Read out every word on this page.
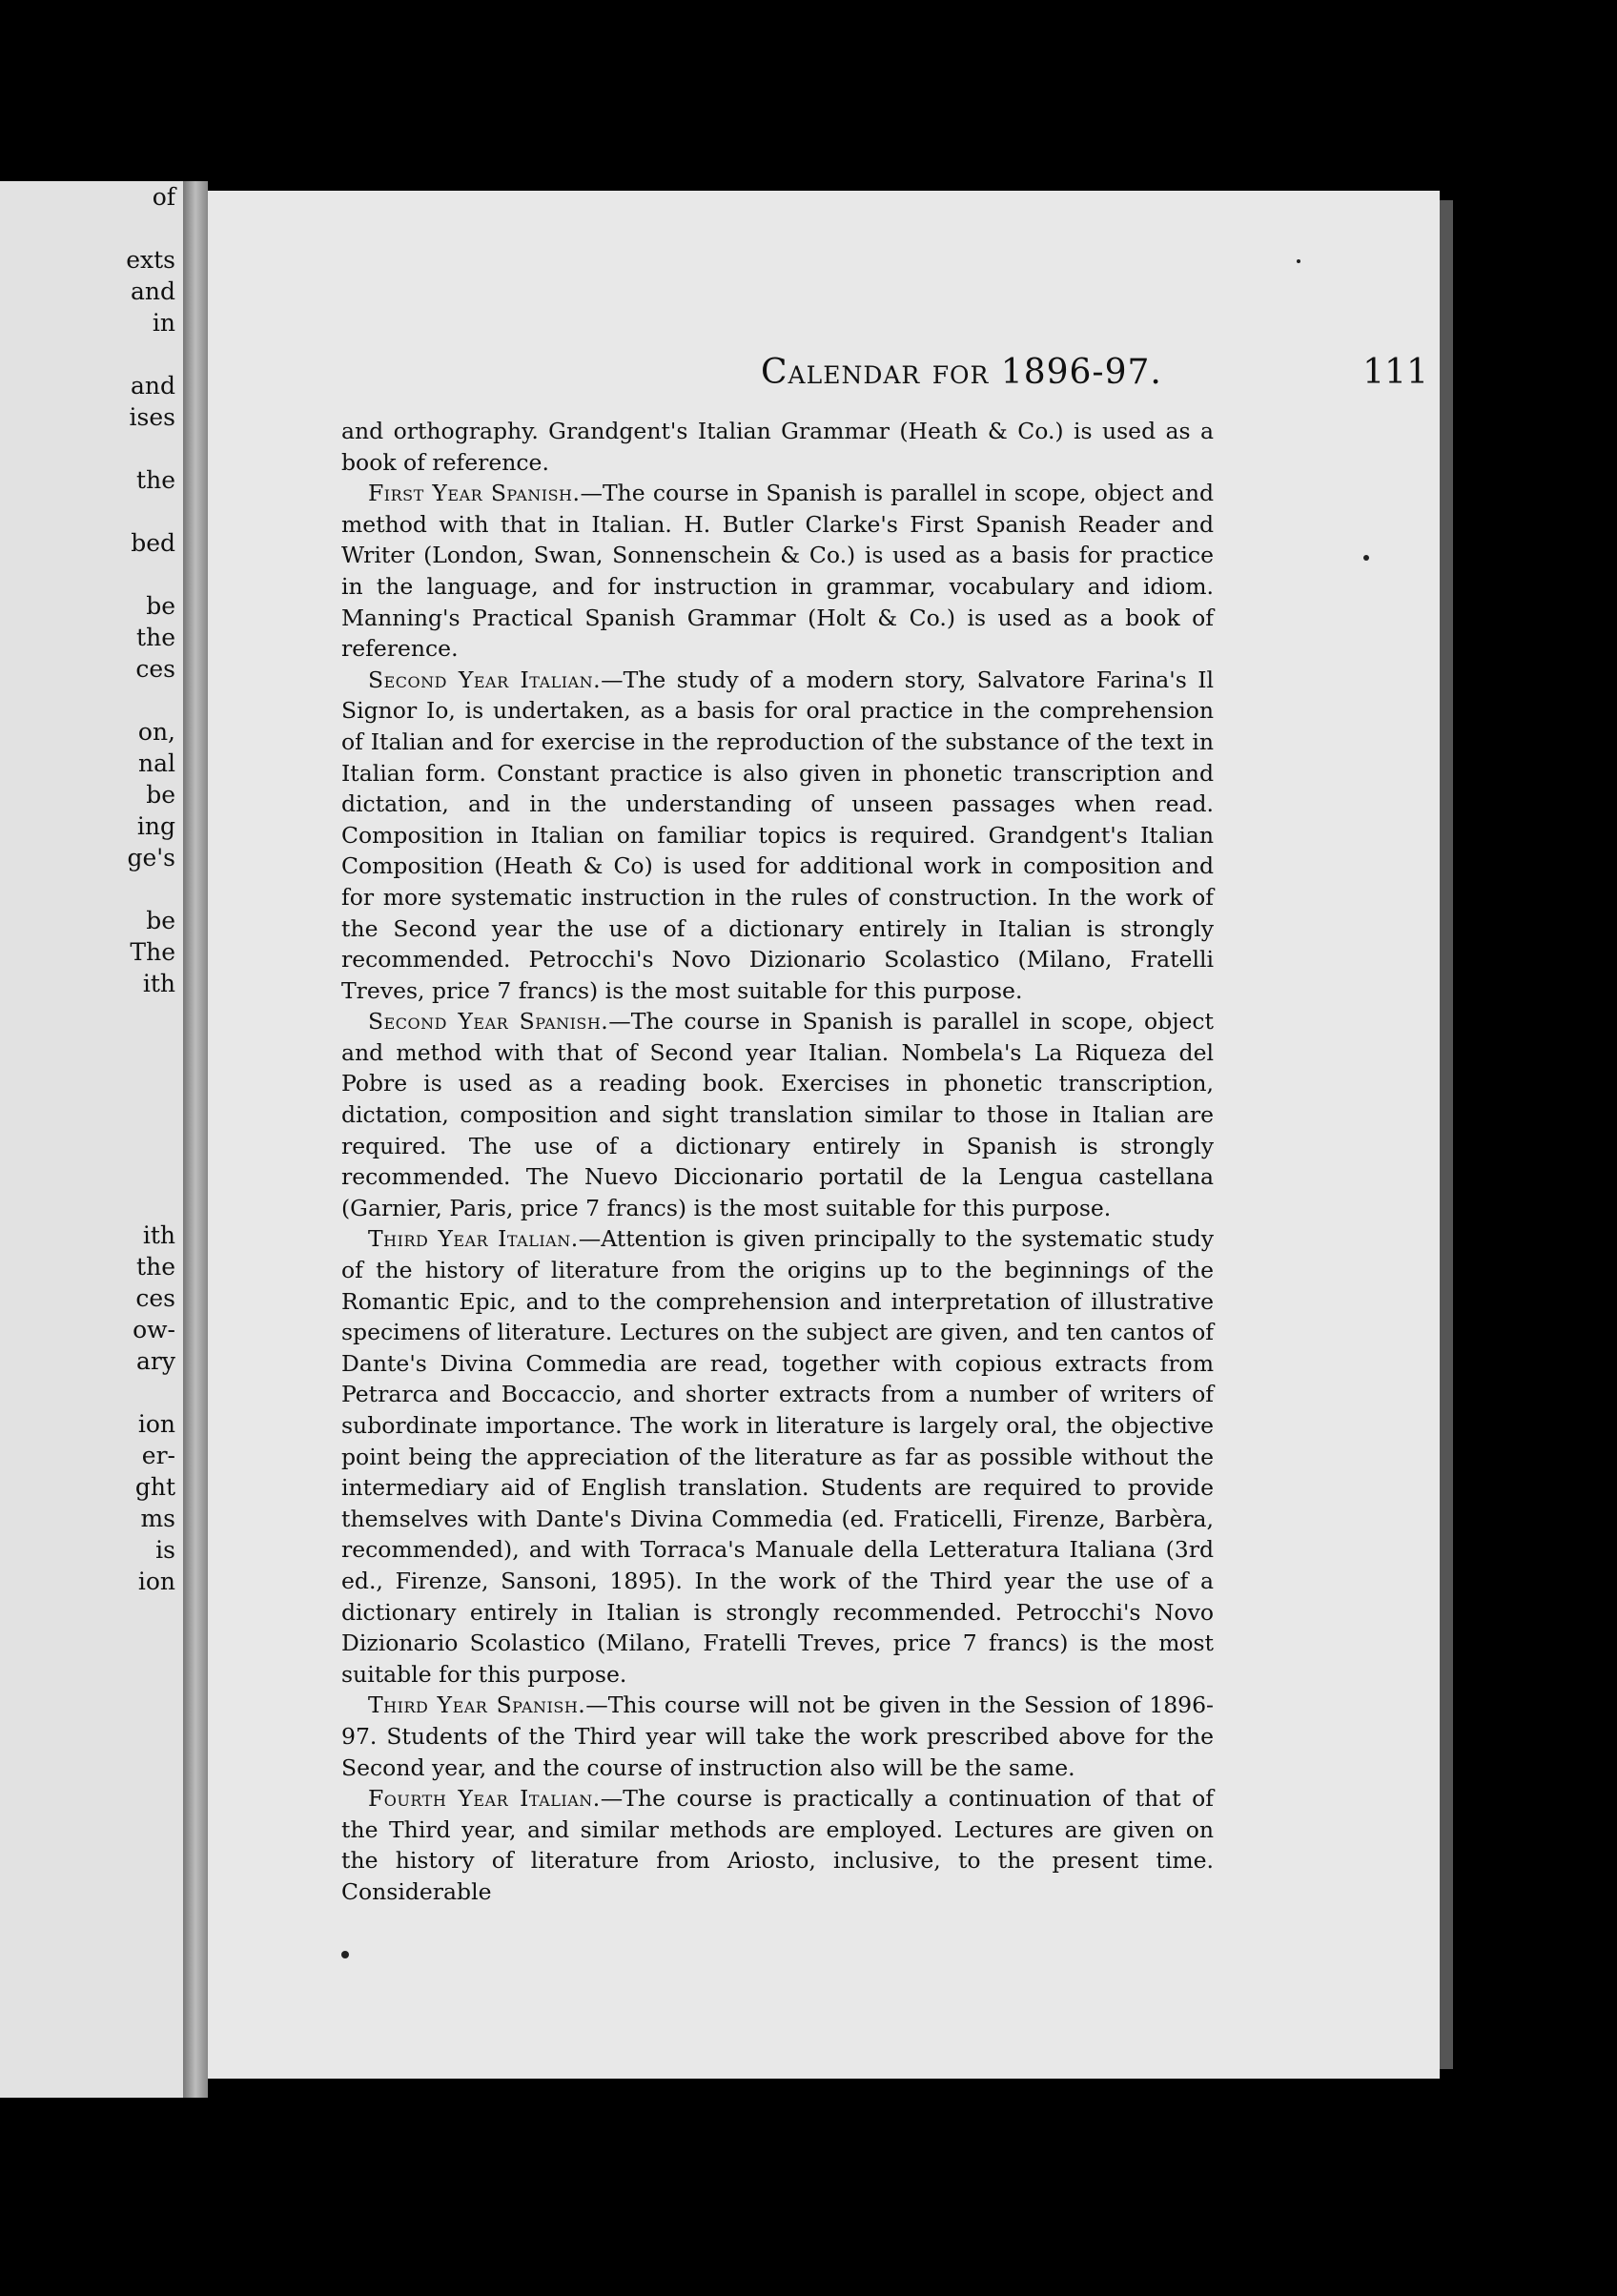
of
exts
and
in
and
ises
the
bed
be
the
ces
on,
nal
be
ing
ge's
be
The
ith
ith
the
ces
ow-
ary
ion
er-
ght
ms
is
ion
Calendar for 1896-97.	111

and orthography. Grandgent's Italian Grammar (Heath & Co.) is used as a book of reference.

First Year Spanish.—The course in Spanish is parallel in scope, object and method with that in Italian. H. Butler Clarke's First Spanish Reader and Writer (London, Swan, Sonnenschein & Co.) is used as a basis for practice in the language, and for instruction in grammar, vocabulary and idiom. Manning's Practical Spanish Grammar (Holt & Co.) is used as a book of reference.

Second Year Italian.—The study of a modern story, Salvatore Farina's Il Signor Io, is undertaken, as a basis for oral practice in the comprehension of Italian and for exercise in the reproduction of the substance of the text in Italian form. Constant practice is also given in phonetic transcription and dictation, and in the understanding of unseen passages when read. Composition in Italian on familiar topics is required. Grandgent's Italian Composition (Heath & Co) is used for additional work in composition and for more systematic instruction in the rules of construction. In the work of the Second year the use of a dictionary entirely in Italian is strongly recommended. Petrocchi's Novo Dizionario Scolastico (Milano, Fratelli Treves, price 7 francs) is the most suitable for this purpose.

Second Year Spanish.—The course in Spanish is parallel in scope, object and method with that of Second year Italian. Nombela's La Riqueza del Pobre is used as a reading book. Exercises in phonetic transcription, dictation, composition and sight translation similar to those in Italian are required. The use of a dictionary entirely in Spanish is strongly recommended. The Nuevo Diccionario portatil de la Lengua castellana (Garnier, Paris, price 7 francs) is the most suitable for this purpose.

Third Year Italian.—Attention is given principally to the systematic study of the history of literature from the origins up to the beginnings of the Romantic Epic, and to the comprehension and interpretation of illustrative specimens of literature. Lectures on the subject are given, and ten cantos of Dante's Divina Commedia are read, together with copious extracts from Petrarca and Boccaccio, and shorter extracts from a number of writers of subordinate importance. The work in literature is largely oral, the objective point being the appreciation of the literature as far as possible without the intermediary aid of English translation. Students are required to provide themselves with Dante's Divina Commedia (ed. Fraticelli, Firenze, Barbèra, recommended), and with Torraca's Manuale della Letteratura Italiana (3rd ed., Firenze, Sansoni, 1895). In the work of the Third year the use of a dictionary entirely in Italian is strongly recommended. Petrocchi's Novo Dizionario Scolastico (Milano, Fratelli Treves, price 7 francs) is the most suitable for this purpose.

Third Year Spanish.—This course will not be given in the Session of 1896-97. Students of the Third year will take the work prescribed above for the Second year, and the course of instruction also will be the same.

Fourth Year Italian.—The course is practically a continuation of that of the Third year, and similar methods are employed. Lectures are given on the history of literature from Ariosto, inclusive, to the present time. Considerable
